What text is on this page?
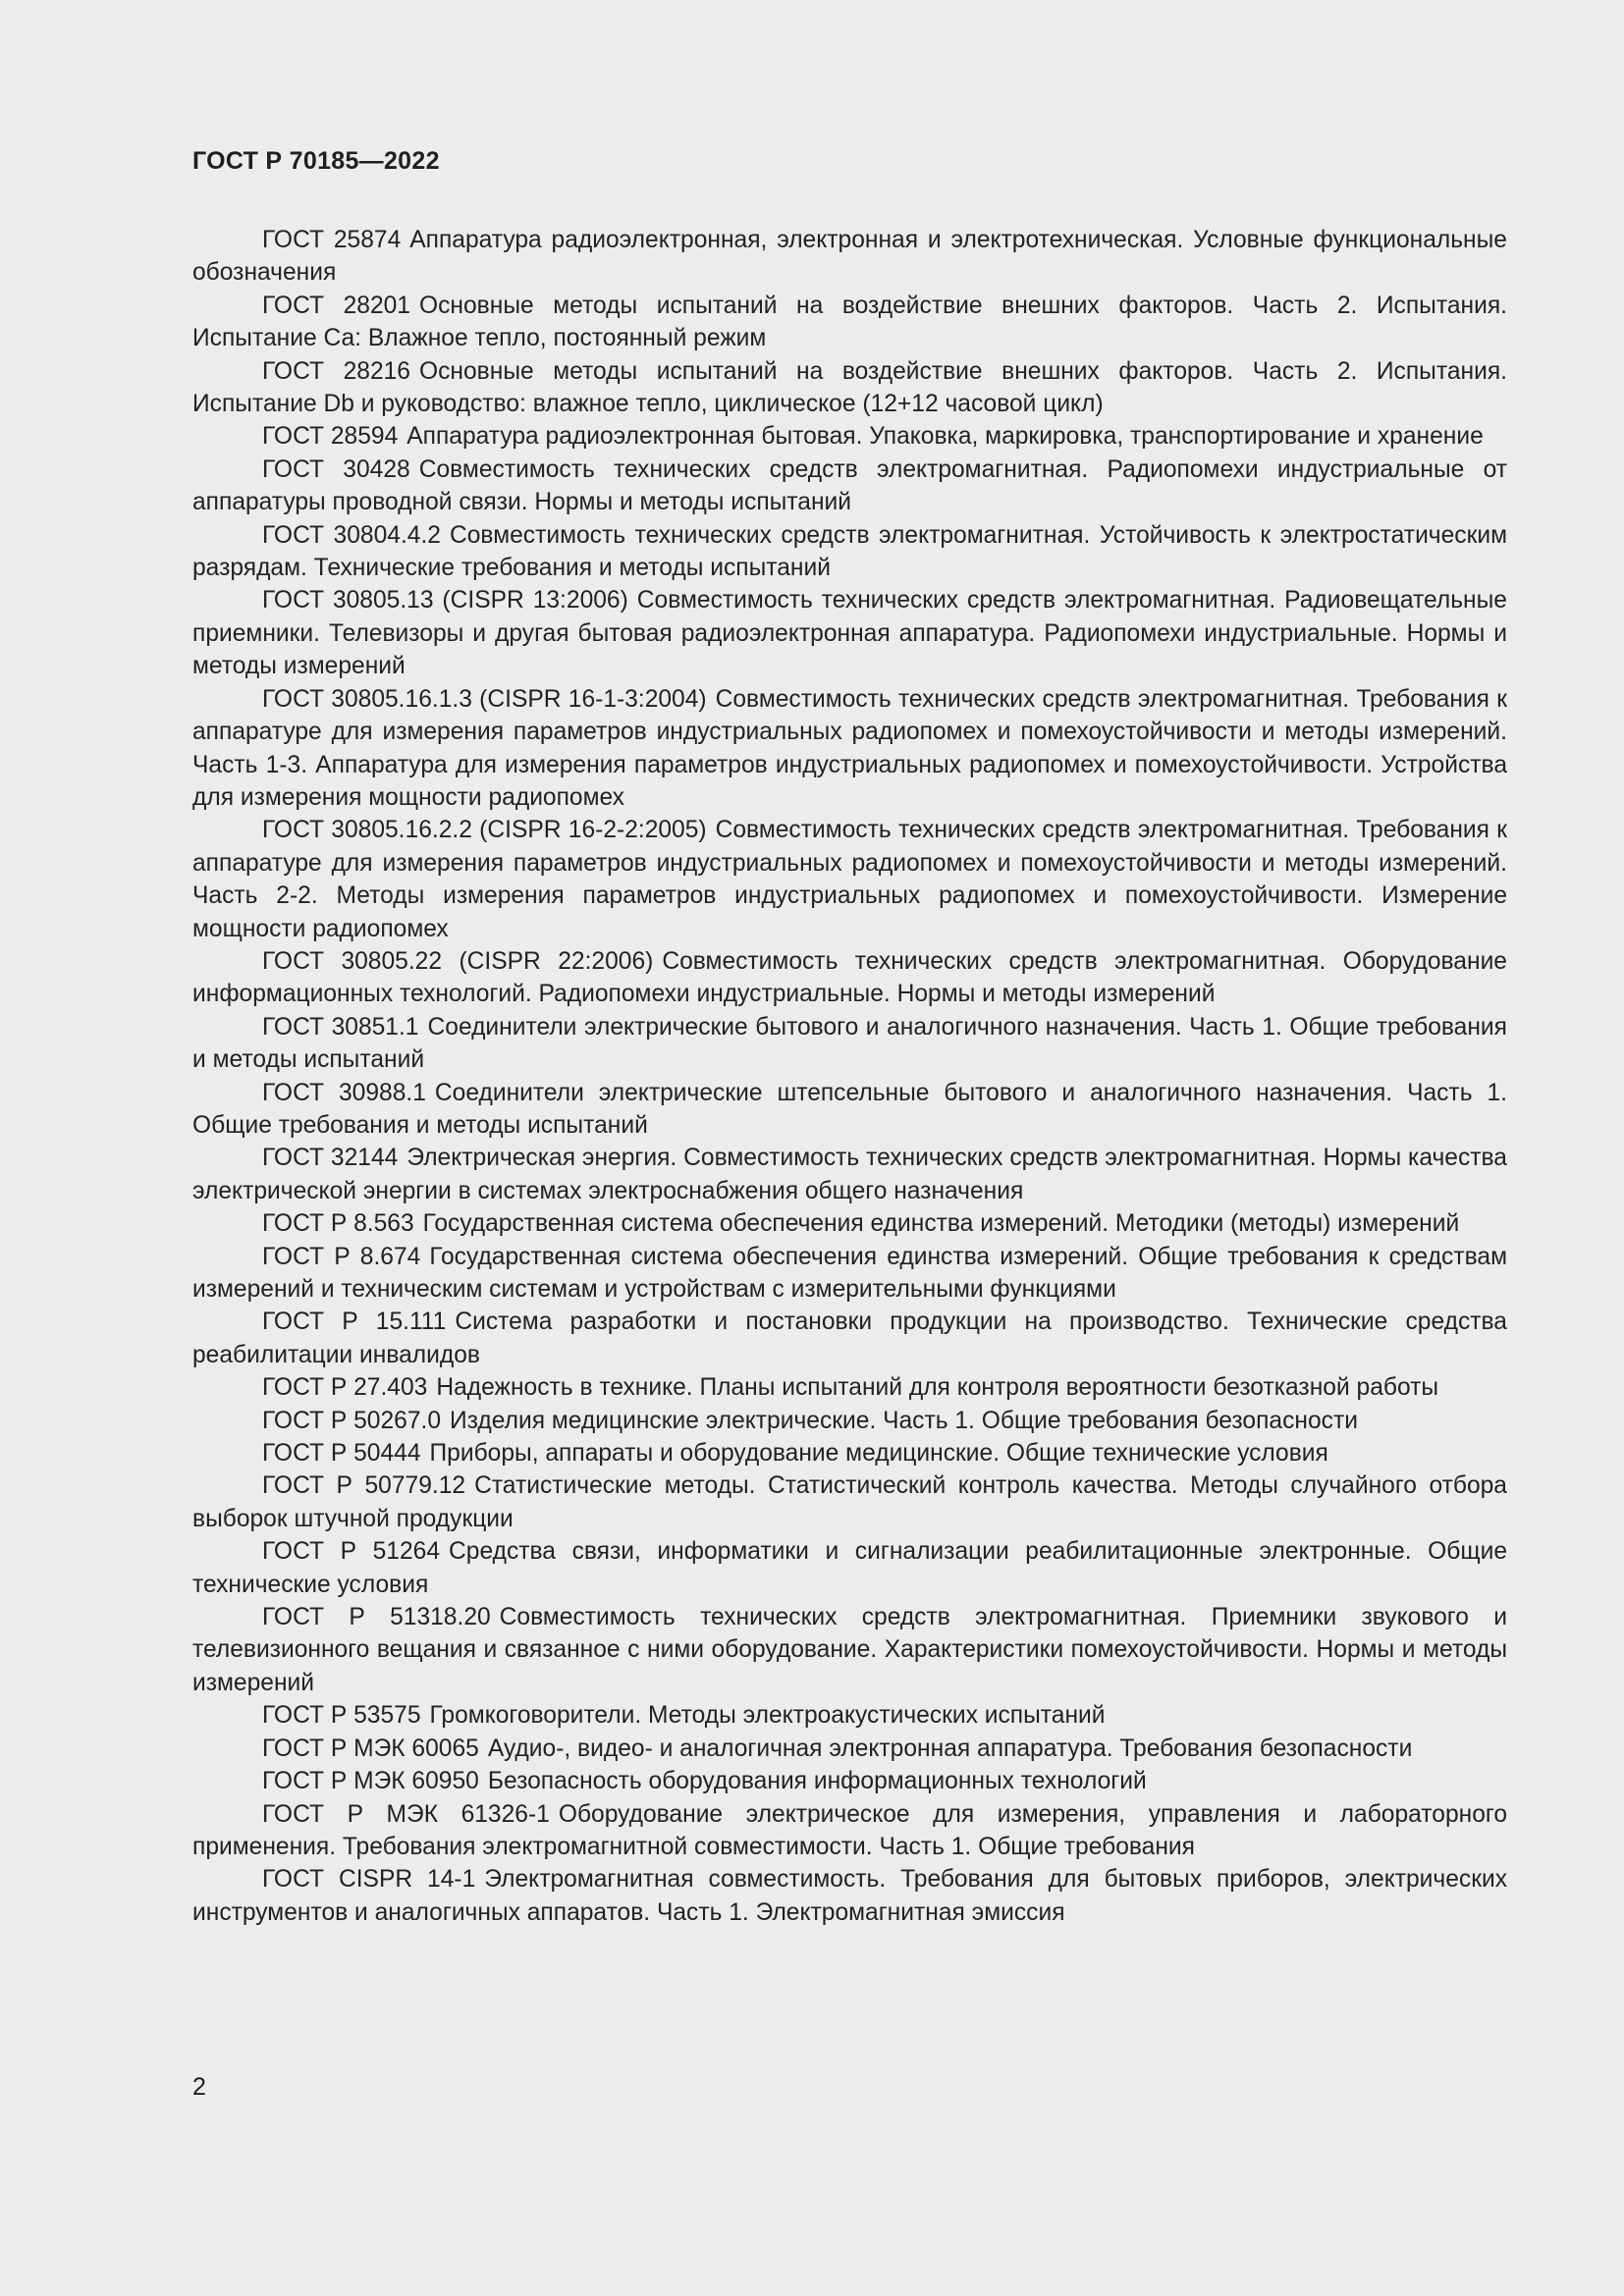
ГОСТ Р 70185—2022
ГОСТ 25874 Аппаратура радиоэлектронная, электронная и электротехническая. Условные функциональные обозначения
ГОСТ 28201 Основные методы испытаний на воздействие внешних факторов. Часть 2. Испытания. Испытание Са: Влажное тепло, постоянный режим
ГОСТ 28216 Основные методы испытаний на воздействие внешних факторов. Часть 2. Испытания. Испытание Db и руководство: влажное тепло, циклическое (12+12 часовой цикл)
ГОСТ 28594 Аппаратура радиоэлектронная бытовая. Упаковка, маркировка, транспортирование и хранение
ГОСТ 30428 Совместимость технических средств электромагнитная. Радиопомехи индустриальные от аппаратуры проводной связи. Нормы и методы испытаний
ГОСТ 30804.4.2 Совместимость технических средств электромагнитная. Устойчивость к электростатическим разрядам. Технические требования и методы испытаний
ГОСТ 30805.13 (CISPR 13:2006) Совместимость технических средств электромагнитная. Радиовещательные приемники. Телевизоры и другая бытовая радиоэлектронная аппаратура. Радиопомехи индустриальные. Нормы и методы измерений
ГОСТ 30805.16.1.3 (CISPR 16-1-3:2004) Совместимость технических средств электромагнитная. Требования к аппаратуре для измерения параметров индустриальных радиопомех и помехоустойчивости и методы измерений. Часть 1-3. Аппаратура для измерения параметров индустриальных радиопомех и помехоустойчивости. Устройства для измерения мощности радиопомех
ГОСТ 30805.16.2.2 (CISPR 16-2-2:2005) Совместимость технических средств электромагнитная. Требования к аппаратуре для измерения параметров индустриальных радиопомех и помехоустойчивости и методы измерений. Часть 2-2. Методы измерения параметров индустриальных радиопомех и помехоустойчивости. Измерение мощности радиопомех
ГОСТ 30805.22 (CISPR 22:2006) Совместимость технических средств электромагнитная. Оборудование информационных технологий. Радиопомехи индустриальные. Нормы и методы измерений
ГОСТ 30851.1 Соединители электрические бытового и аналогичного назначения. Часть 1. Общие требования и методы испытаний
ГОСТ 30988.1 Соединители электрические штепсельные бытового и аналогичного назначения. Часть 1. Общие требования и методы испытаний
ГОСТ 32144 Электрическая энергия. Совместимость технических средств электромагнитная. Нормы качества электрической энергии в системах электроснабжения общего назначения
ГОСТ Р 8.563 Государственная система обеспечения единства измерений. Методики (методы) измерений
ГОСТ Р 8.674 Государственная система обеспечения единства измерений. Общие требования к средствам измерений и техническим системам и устройствам с измерительными функциями
ГОСТ Р 15.111 Система разработки и постановки продукции на производство. Технические средства реабилитации инвалидов
ГОСТ Р 27.403 Надежность в технике. Планы испытаний для контроля вероятности безотказной работы
ГОСТ Р 50267.0 Изделия медицинские электрические. Часть 1. Общие требования безопасности
ГОСТ Р 50444 Приборы, аппараты и оборудование медицинские. Общие технические условия
ГОСТ Р 50779.12 Статистические методы. Статистический контроль качества. Методы случайного отбора выборок штучной продукции
ГОСТ Р 51264 Средства связи, информатики и сигнализации реабилитационные электронные. Общие технические условия
ГОСТ Р 51318.20 Совместимость технических средств электромагнитная. Приемники звукового и телевизионного вещания и связанное с ними оборудование. Характеристики помехоустойчивости. Нормы и методы измерений
ГОСТ Р 53575 Громкоговорители. Методы электроакустических испытаний
ГОСТ Р МЭК 60065 Аудио-, видео- и аналогичная электронная аппаратура. Требования безопасности
ГОСТ Р МЭК 60950 Безопасность оборудования информационных технологий
ГОСТ Р МЭК 61326-1 Оборудование электрическое для измерения, управления и лабораторного применения. Требования электромагнитной совместимости. Часть 1. Общие требования
ГОСТ CISPR 14-1 Электромагнитная совместимость. Требования для бытовых приборов, электрических инструментов и аналогичных аппаратов. Часть 1. Электромагнитная эмиссия
2
